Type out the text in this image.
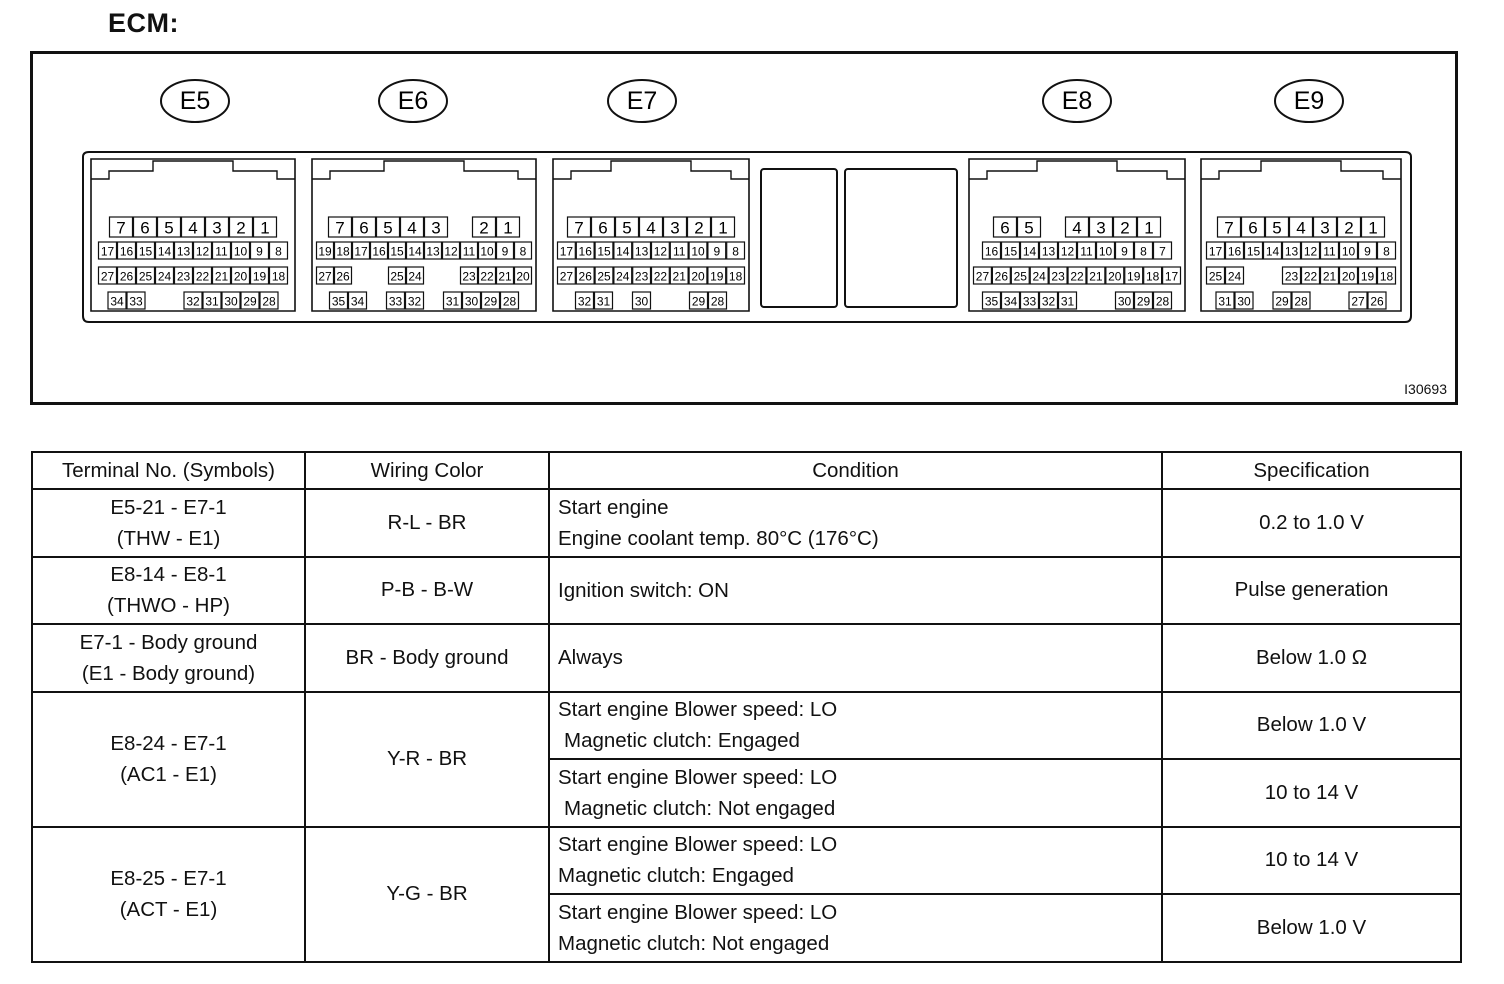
ECM:
E5
7 6 5 4 3 2 1
17 16 15 14 13 12 11 10 9 8
27 26 25 24 23 22 21 20 19 18
34 33	32 31 30 29 28
E6
7 6 5 4 3 2 1
19 18 17 16 15 14 13 12 11 10 9 8
27 26	25 24	23 22 21 20
35 34 33 32 31 30 29 28
E7
7 6 5 4 3 2 1
17 16 15 14 13 12 11 10 9 8
27 26 25 24 23 22 21 20 19 18
32 31 30	29 28
E8
6 5 4 3 2 1
16 15 14 13 12 11 10 9 8 7
27 26 25 24 23 22 21 20 19 18 17
35 34 33 32 31	30 29 28
E9
7 6 5 4 3 2 1
17 16 15 14 13 12 11 10 9 8
25 24	23 22 21 20 19 18
31 30 29 28	27 26
I30693
Terminal No. (Symbols)	Wiring Color	Condition	Specification

E5-21 - E7-1
(THW - E1)	R-L - BR	Start engine
Engine coolant temp. 80°C (176°C)	0.2 to 1.0 V

E8-14 - E8-1
(THWO - HP)	P-B - B-W	Ignition switch: ON	Pulse generation

E7-1 - Body ground
(E1 - Body ground)	BR - Body ground	Always	Below 1.0 Ω

E8-24 - E7-1
(AC1 - E1)	Y-R - BR	Start engine Blower speed: LO
Magnetic clutch: Engaged	Below 1.0 V

		Start engine Blower speed: LO
Magnetic clutch: Not engaged	10 to 14 V

E8-25 - E7-1
(ACT - E1)	Y-G - BR	Start engine Blower speed: LO
Magnetic clutch: Engaged	10 to 14 V

		Start engine Blower speed: LO
Magnetic clutch: Not engaged	Below 1.0 V
